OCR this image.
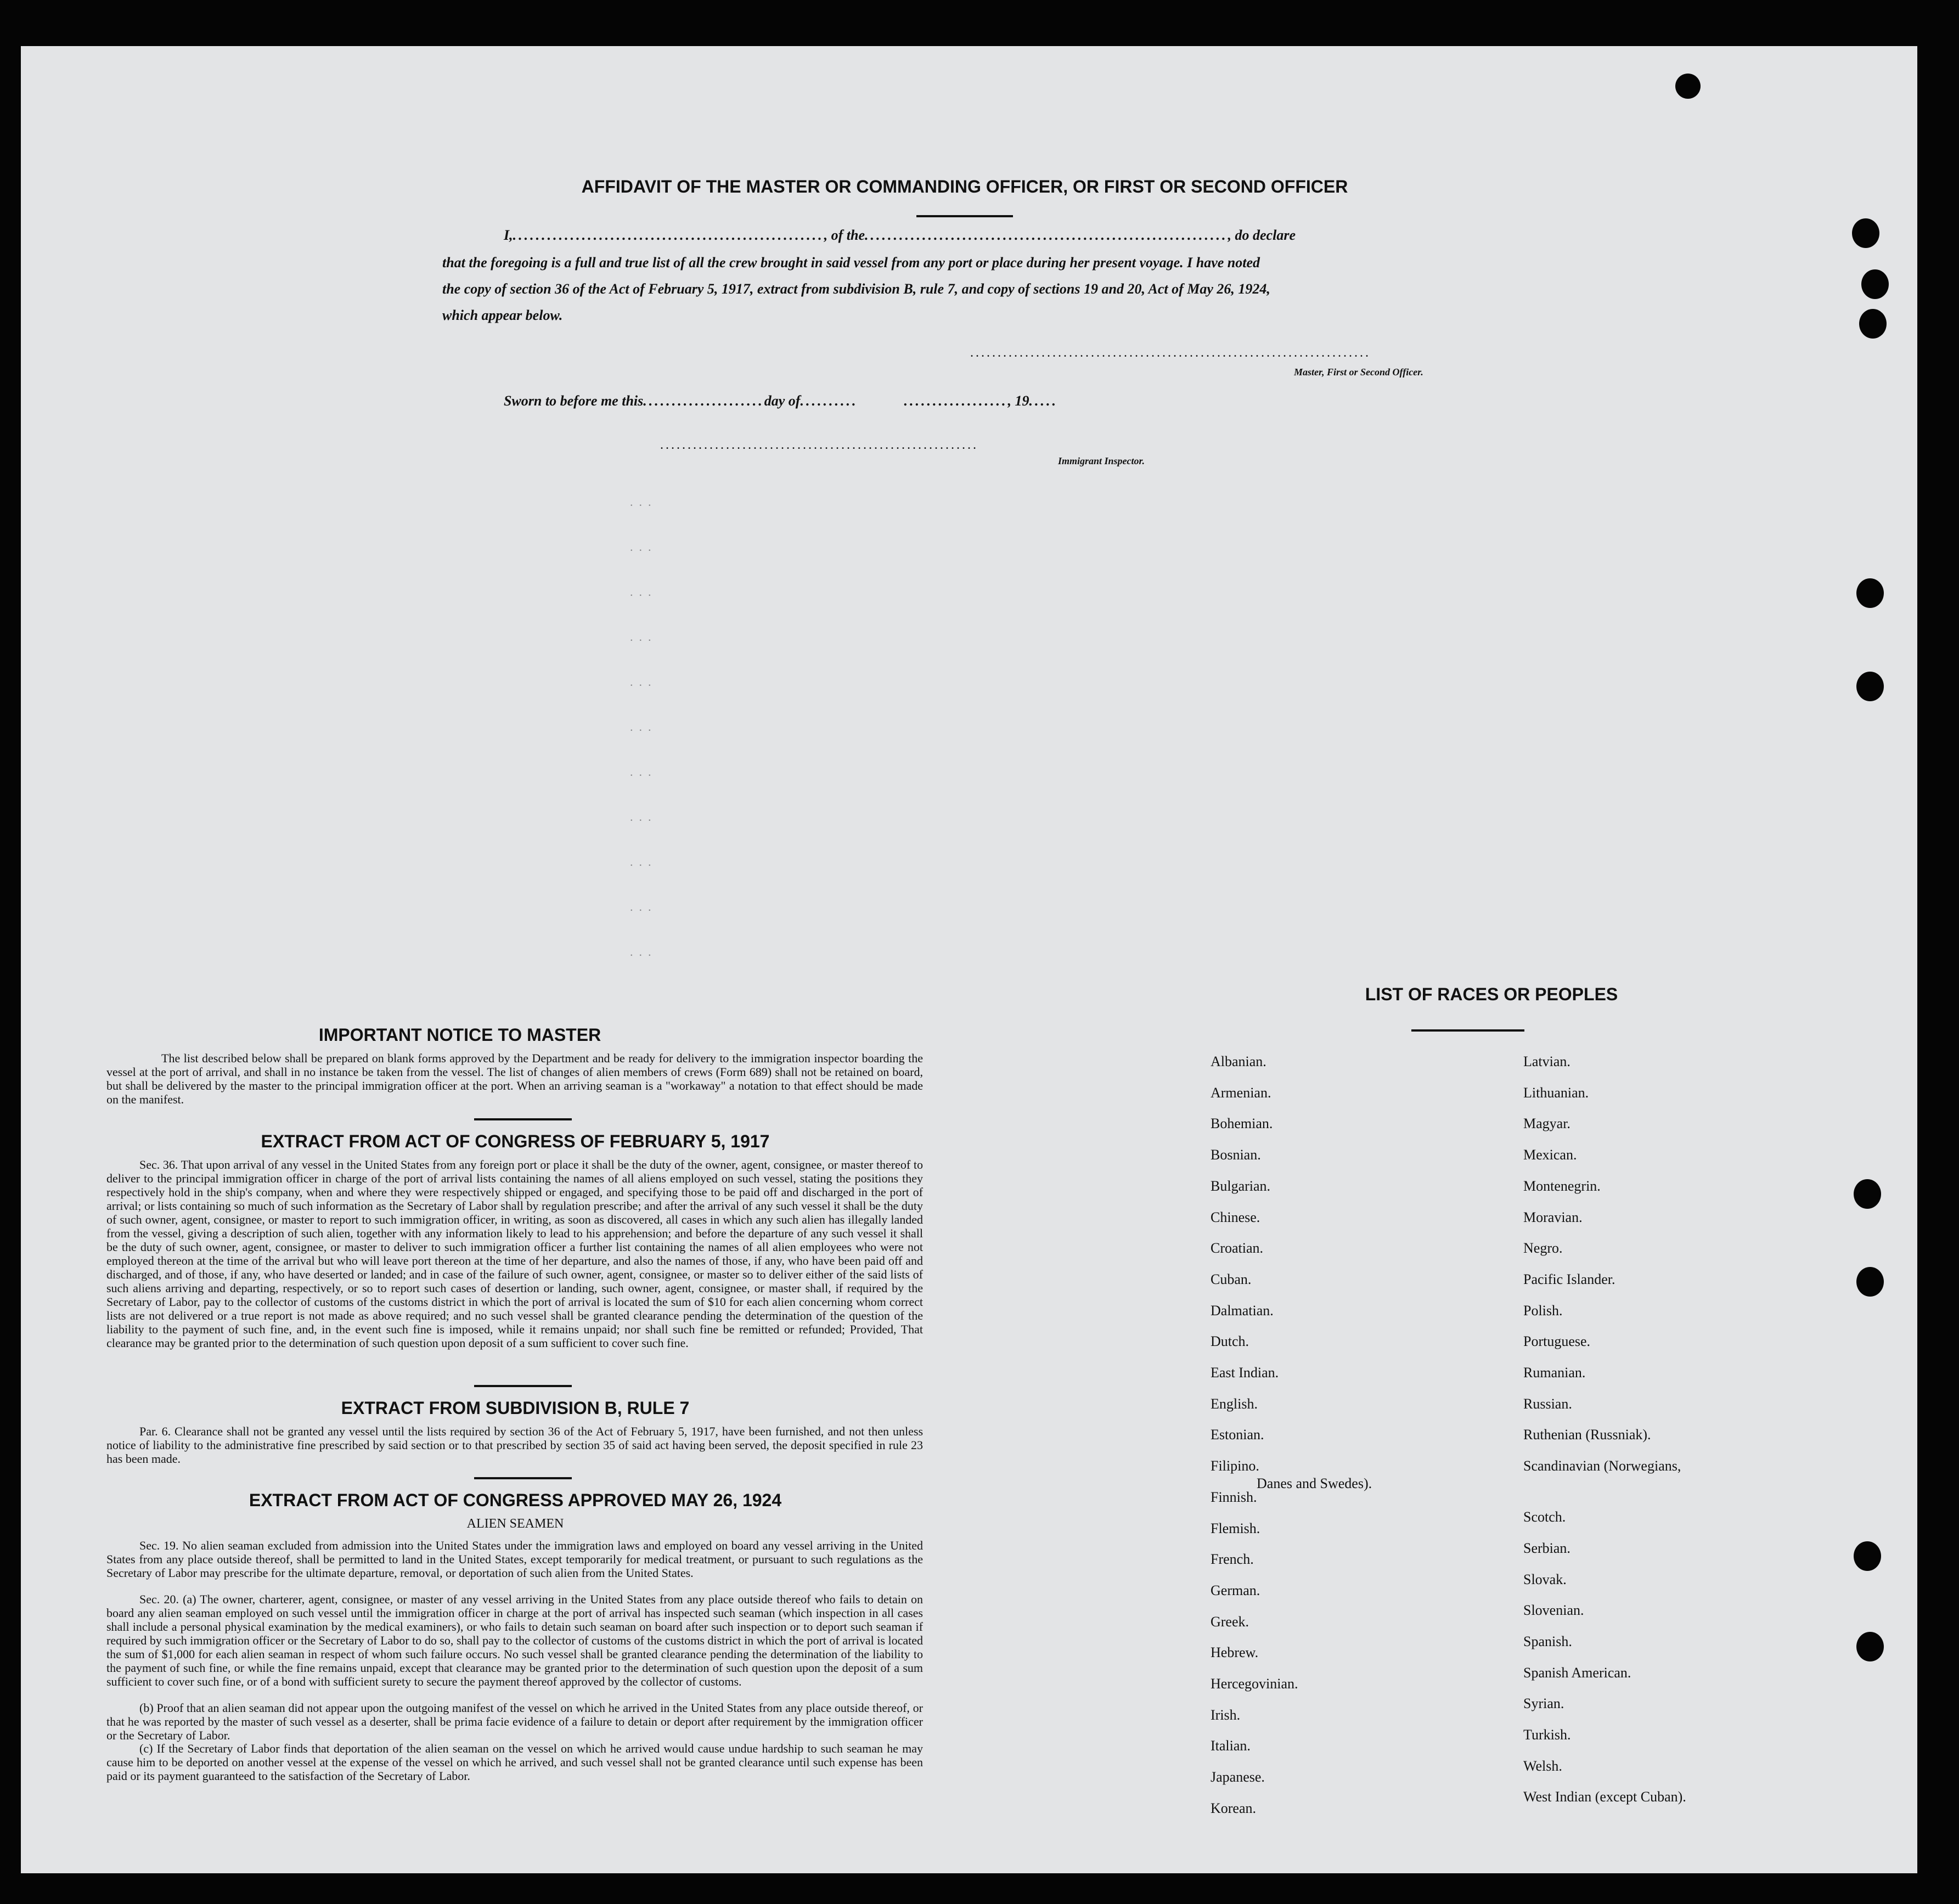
AFFIDAVIT OF THE MASTER OR COMMANDING OFFICER, OR FIRST OR SECOND OFFICER
I,......................................................, of the..............................................................., do declare
that the foregoing is a full and true list of all the crew brought in said vessel from any port or place during her present voyage. I have noted
the copy of section 36 of the Act of February 5, 1917, extract from subdivision B, rule 7, and copy of sections 19 and 20, Act of May 26, 1924,
which appear below.
.........................................................................
Master, First or Second Officer.
Sworn to before me this.....................day of..........        .................., 19.....
..........................................................
Immigrant Inspector.
.  .  .
.  .  .
.  .  .
.  .  .
.  .  .
.  .  .
.  .  .
.  .  .
.  .  .
.  .  .
.  .  .
IMPORTANT NOTICE TO MASTER
The list described below shall be prepared on blank forms approved by the Department and be ready for delivery to the immigration inspector boarding the vessel at the port of arrival, and shall in no instance be taken from the vessel. The list of changes of alien members of crews (Form 689) shall not be retained on board, but shall be delivered by the master to the principal immigration officer at the port. When an arriving seaman is a "workaway" a notation to that effect should be made on the manifest.
EXTRACT FROM ACT OF CONGRESS OF FEBRUARY 5, 1917
Sec. 36. That upon arrival of any vessel in the United States from any foreign port or place it shall be the duty of the owner, agent, consignee, or master thereof to deliver to the principal immigration officer in charge of the port of arrival lists containing the names of all aliens employed on such vessel, stating the positions they respectively hold in the ship's company, when and where they were respectively shipped or engaged, and specifying those to be paid off and discharged in the port of arrival; or lists containing so much of such information as the Secretary of Labor shall by regulation prescribe; and after the arrival of any such vessel it shall be the duty of such owner, agent, consignee, or master to report to such immigration officer, in writing, as soon as discovered, all cases in which any such alien has illegally landed from the vessel, giving a description of such alien, together with any information likely to lead to his apprehension; and before the departure of any such vessel it shall be the duty of such owner, agent, consignee, or master to deliver to such immigration officer a further list containing the names of all alien employees who were not employed thereon at the time of the arrival but who will leave port thereon at the time of her departure, and also the names of those, if any, who have been paid off and discharged, and of those, if any, who have deserted or landed; and in case of the failure of such owner, agent, consignee, or master so to deliver either of the said lists of such aliens arriving and departing, respectively, or so to report such cases of desertion or landing, such owner, agent, consignee, or master shall, if required by the Secretary of Labor, pay to the collector of customs of the customs district in which the port of arrival is located the sum of $10 for each alien concerning whom correct lists are not delivered or a true report is not made as above required; and no such vessel shall be granted clearance pending the determination of the question of the liability to the payment of such fine, and, in the event such fine is imposed, while it remains unpaid; nor shall such fine be remitted or refunded; Provided, That clearance may be granted prior to the determination of such question upon deposit of a sum sufficient to cover such fine.
EXTRACT FROM SUBDIVISION B, RULE 7
Par. 6. Clearance shall not be granted any vessel until the lists required by section 36 of the Act of February 5, 1917, have been furnished, and not then unless notice of liability to the administrative fine prescribed by said section or to that prescribed by section 35 of said act having been served, the deposit specified in rule 23 has been made.
EXTRACT FROM ACT OF CONGRESS APPROVED MAY 26, 1924
ALIEN SEAMEN
Sec. 19. No alien seaman excluded from admission into the United States under the immigration laws and employed on board any vessel arriving in the United States from any place outside thereof, shall be permitted to land in the United States, except temporarily for medical treatment, or pursuant to such regulations as the Secretary of Labor may prescribe for the ultimate departure, removal, or deportation of such alien from the United States.
Sec. 20. (a) The owner, charterer, agent, consignee, or master of any vessel arriving in the United States from any place outside thereof who fails to detain on board any alien seaman employed on such vessel until the immigration officer in charge at the port of arrival has inspected such seaman (which inspection in all cases shall include a personal physical examination by the medical examiners), or who fails to detain such seaman on board after such inspection or to deport such seaman if required by such immigration officer or the Secretary of Labor to do so, shall pay to the collector of customs of the customs district in which the port of arrival is located the sum of $1,000 for each alien seaman in respect of whom such failure occurs. No such vessel shall be granted clearance pending the determination of the liability to the payment of such fine, or while the fine remains unpaid, except that clearance may be granted prior to the determination of such question upon the deposit of a sum sufficient to cover such fine, or of a bond with sufficient surety to secure the payment thereof approved by the collector of customs.
(b) Proof that an alien seaman did not appear upon the outgoing manifest of the vessel on which he arrived in the United States from any place outside thereof, or that he was reported by the master of such vessel as a deserter, shall be prima facie evidence of a failure to detain or deport after requirement by the immigration officer or the Secretary of Labor.
(c) If the Secretary of Labor finds that deportation of the alien seaman on the vessel on which he arrived would cause undue hardship to such seaman he may cause him to be deported on another vessel at the expense of the vessel on which he arrived, and such vessel shall not be granted clearance until such expense has been paid or its payment guaranteed to the satisfaction of the Secretary of Labor.
LIST OF RACES OR PEOPLES
Albanian.
Armenian.
Bohemian.
Bosnian.
Bulgarian.
Chinese.
Croatian.
Cuban.
Dalmatian.
Dutch.
East Indian.
English.
Estonian.
Filipino.
Finnish.
Flemish.
French.
German.
Greek.
Hebrew.
Hercegovinian.
Irish.
Italian.
Japanese.
Korean.
Latvian.
Lithuanian.
Magyar.
Mexican.
Montenegrin.
Moravian.
Negro.
Pacific Islander.
Polish.
Portuguese.
Rumanian.
Russian.
Ruthenian (Russniak).
Scandinavian (Norwegians,
Danes and Swedes).
Scotch.
Serbian.
Slovak.
Slovenian.
Spanish.
Spanish American.
Syrian.
Turkish.
Welsh.
West Indian (except Cuban).
